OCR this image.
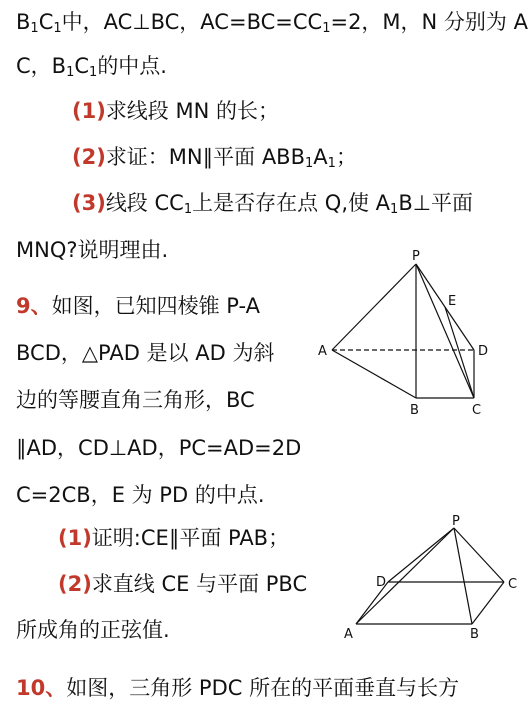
$B_1C_1$中，AC⊥BC，$AC=BC=CC_1=2$，M，N 分别为 A
C，$B_1C_1$的中点.
(1)求线段 MN 的长；
(2)求证：MN∥平面 $ABB_1A_1$；
(3)线段 $CC_1$上是否存在点 Q,使 $A_1B\perp$平面
MNQ?说明理由.
9、如图，已知四棱锥 P-A
BCD，△PAD 是以 AD 为斜
边的等腰直角三角形，BC
∥AD，CD⊥AD，PC=AD=2D
C=2CB，E 为 PD 的中点.
(1)证明:CE∥平面 PAB；
(2)求直线 CE 与平面 PBC
所成角的正弦值.
10、如图，三角形 PDC 所在的平面垂直与长方
P
E
A	D
B	C
P
D	C
A	B
